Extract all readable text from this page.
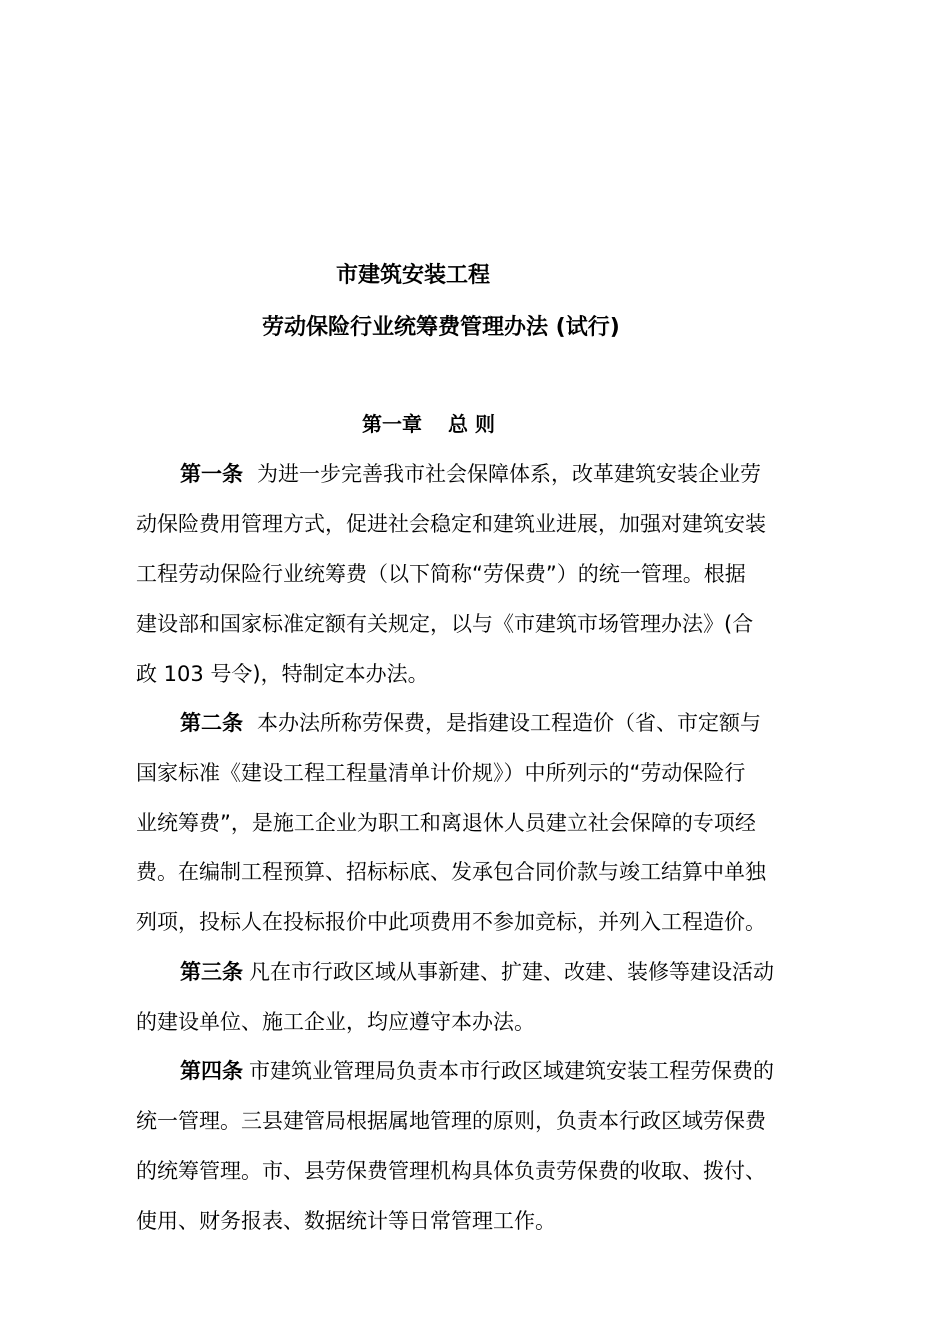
市建筑安装工程
劳动保险行业统筹费管理办法 (试行)
第一章 总 则
第一条 为进一步完善我市社会保障体系，改革建筑安装企业劳
动保险费用管理方式，促进社会稳定和建筑业进展，加强对建筑安装
工程劳动保险行业统筹费（以下简称“劳保费”）的统一管理。根据
建设部和国家标准定额有关规定，以与《市建筑市场管理办法》(合
政 103 号令)，特制定本办法。
第二条 本办法所称劳保费，是指建设工程造价（省、市定额与
国家标准《建设工程工程量清单计价规》）中所列示的“劳动保险行
业统筹费”，是施工企业为职工和离退休人员建立社会保障的专项经
费。在编制工程预算、招标标底、发承包合同价款与竣工结算中单独
列项，投标人在投标报价中此项费用不参加竞标，并列入工程造价。
第三条 凡在市行政区域从事新建、扩建、改建、装修等建设活动
的建设单位、施工企业，均应遵守本办法。
第四条 市建筑业管理局负责本市行政区域建筑安装工程劳保费的
统一管理。三县建管局根据属地管理的原则，负责本行政区域劳保费
的统筹管理。市、县劳保费管理机构具体负责劳保费的收取、拨付、
使用、财务报表、数据统计等日常管理工作。
